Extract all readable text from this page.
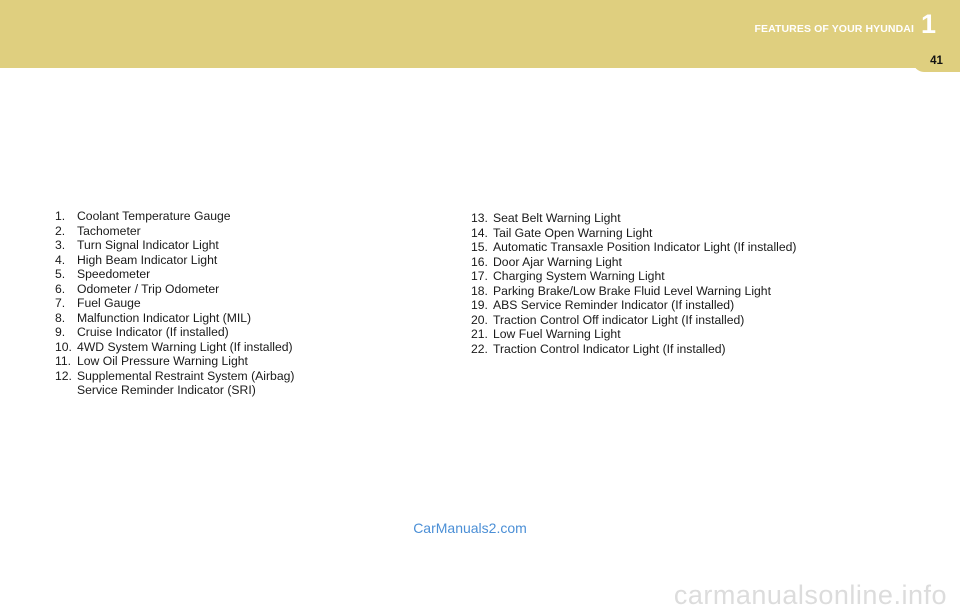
FEATURES OF YOUR HYUNDAI 1
41
1. Coolant Temperature Gauge
2. Tachometer
3. Turn Signal Indicator Light
4. High Beam Indicator Light
5. Speedometer
6. Odometer / Trip Odometer
7. Fuel Gauge
8. Malfunction Indicator Light (MIL)
9. Cruise Indicator (If installed)
10. 4WD System Warning Light (If installed)
11. Low Oil Pressure Warning Light
12. Supplemental Restraint System (Airbag)
Service Reminder Indicator (SRI)
13. Seat Belt Warning Light
14. Tail Gate Open Warning Light
15. Automatic Transaxle Position Indicator Light (If installed)
16. Door Ajar Warning Light
17. Charging System Warning Light
18. Parking Brake/Low Brake Fluid Level Warning Light
19. ABS Service Reminder Indicator (If installed)
20. Traction Control Off indicator Light (If installed)
21. Low Fuel Warning Light
22. Traction Control Indicator Light (If installed)
CarManuals2.com
carmanualsonline.info
